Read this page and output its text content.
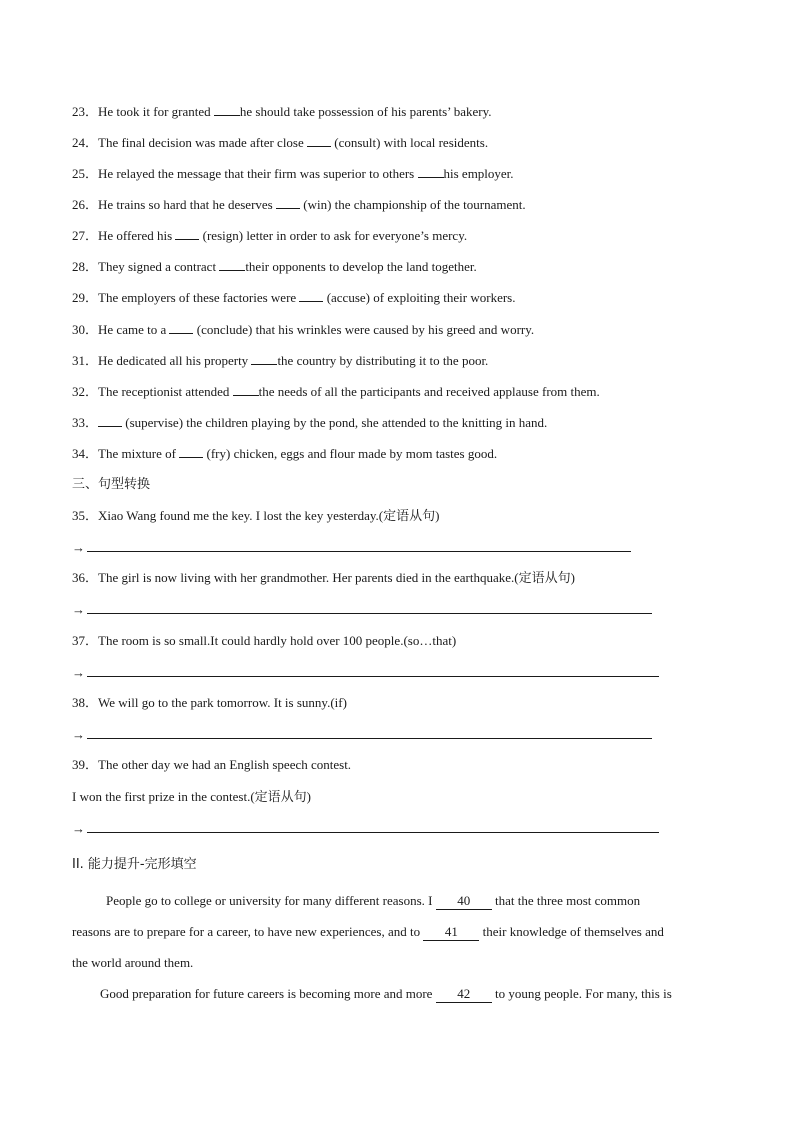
23．He took it for granted he should take possession of his parents’ bakery.
24．The final decision was made after close  (consult) with local residents.
25．He relayed the message that their firm was superior to others his employer.
26．He trains so hard that he deserves  (win) the championship of the tournament.
27．He offered his  (resign) letter in order to ask for everyone’s mercy.
28．They signed a contract their opponents to develop the land together.
29．The employers of these factories were  (accuse) of exploiting their workers.
30．He came to a  (conclude) that his wrinkles were caused by his greed and worry.
31．He dedicated all his property the country by distributing it to the poor.
32．The receptionist attended the needs of all the participants and received applause from them.
33． (supervise) the children playing by the pond, she attended to the knitting in hand.
34．The mixture of  (fry) chicken, eggs and flour made by mom tastes good.
三、句型转换
35．Xiao Wang found me the key. I lost the key yesterday.(定语从句)
→
36．The girl is now living with her grandmother. Her parents died in the earthquake.(定语从句)
→
37．The room is so small.It could hardly hold over 100 people.(so…that)
→
38．We will go to the park tomorrow. It is sunny.(if)
→
39．The other day we had an English speech contest.
I won the first prize in the contest.(定语从句)
→
II. 能力提升-完形填空
People go to college or university for many different reasons. I 40 that the three most common
reasons are to prepare for a career, to have new experiences, and to 41 their knowledge of themselves and
the world around them.
Good preparation for future careers is becoming more and more 42 to young people. For many, this is
